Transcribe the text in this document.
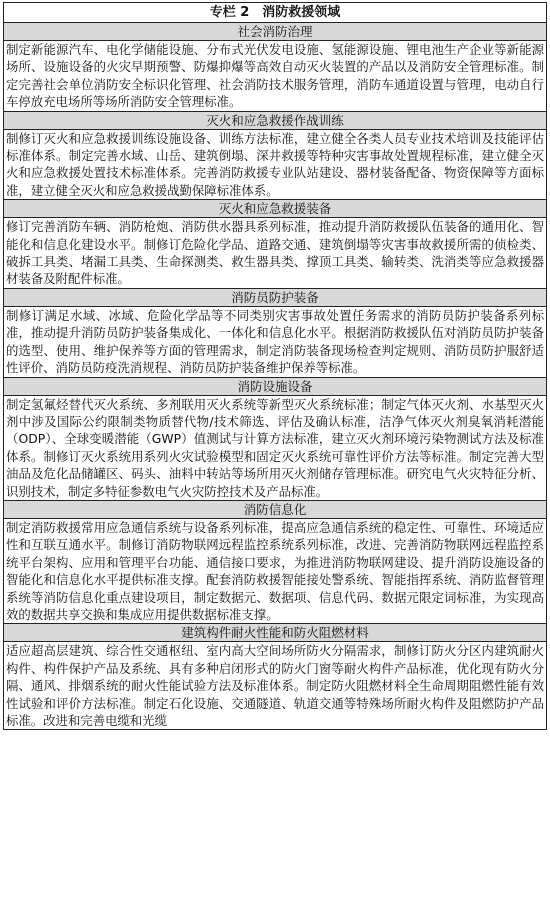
专栏 2　消防救援领域
社会消防治理
制定新能源汽车、电化学储能设施、分布式光伏发电设施、氢能源设施、锂电池生产企业等新能源场所、设施设备的火灾早期预警、防爆抑爆等高效自动灭火装置的产品以及消防安全管理标准。制定完善社会单位消防安全标识化管理、社会消防技术服务管理，消防车通道设置与管理，电动自行车停放充电场所等场所消防安全管理标准。
灭火和应急救援作战训练
制修订灭火和应急救援训练设施设备、训练方法标准，建立健全各类人员专业技术培训及技能评估标准体系。制定完善水域、山岳、建筑倒塌、深井救援等特种灾害事故处置规程标准，建立健全灭火和应急救援处置技术标准体系。完善消防救援专业队站建设、器材装备配备、物资保障等方面标准，建立健全灭火和应急救援战勤保障标准体系。
灭火和应急救援装备
修订完善消防车辆、消防枪炮、消防供水器具系列标准，推动提升消防救援队伍装备的通用化、智能化和信息化建设水平。制修订危险化学品、道路交通、建筑倒塌等灾害事故救援所需的侦检类、破拆工具类、堵漏工具类、生命探测类、救生器具类、撑顶工具类、输转类、洗消类等应急救援器材装备及附配件标准。
消防员防护装备
制修订满足水域、冰域、危险化学品等不同类别灾害事故处置任务需求的消防员防护装备系列标准，推动提升消防员防护装备集成化、一体化和信息化水平。根据消防救援队伍对消防员防护装备的选型、使用、维护保养等方面的管理需求，制定消防装备现场检查判定规则、消防员防护服舒适性评价、消防员防疫洗消规程、消防员防护装备维护保养等标准。
消防设施设备
制定氢氟烃替代灭火系统、多剂联用灭火系统等新型灭火系统标准；制定气体灭火剂、水基型灭火剂中涉及国际公约限制类物质替代物/技术筛选、评估及确认标准，洁净气体灭火剂臭氧消耗潜能（ODP）、全球变暖潜能（GWP）值测试与计算方法标准，建立灭火剂环境污染物测试方法及标准体系。制修订灭火系统用系列火灾试验模型和固定灭火系统可靠性评价方法等标准。制定完善大型油品及危化品储罐区、码头、油料中转站等场所用灭火剂储存管理标准。研究电气火灾特征分析、识别技术，制定多特征参数电气火灾防控技术及产品标准。
消防信息化
制定消防救援常用应急通信系统与设备系列标准，提高应急通信系统的稳定性、可靠性、环境适应性和互联互通水平。制修订消防物联网远程监控系统系列标准，改进、完善消防物联网远程监控系统平台架构、应用和管理平台功能、通信接口要求，为推进消防物联网建设、提升消防设施设备的智能化和信息化水平提供标准支撑。配套消防救援智能接处警系统、智能指挥系统、消防监督管理系统等消防信息化重点建设项目，制定数据元、数据项、信息代码、数据元限定词标准，为实现高效的数据共享交换和集成应用提供数据标准支撑。
建筑构件耐火性能和防火阻燃材料
适应超高层建筑、综合性交通枢纽、室内高大空间场所防火分隔需求，制修订防火分区内建筑耐火构件、构件保护产品及系统、具有多种启闭形式的防火门窗等耐火构件产品标准，优化现有防火分隔、通风、排烟系统的耐火性能试验方法及标准体系。制定防火阻燃材料全生命周期阻燃性能有效性试验和评价方法标准。制定石化设施、交通隧道、轨道交通等特殊场所耐火构件及阻燃防护产品标准。改进和完善电缆和光缆
